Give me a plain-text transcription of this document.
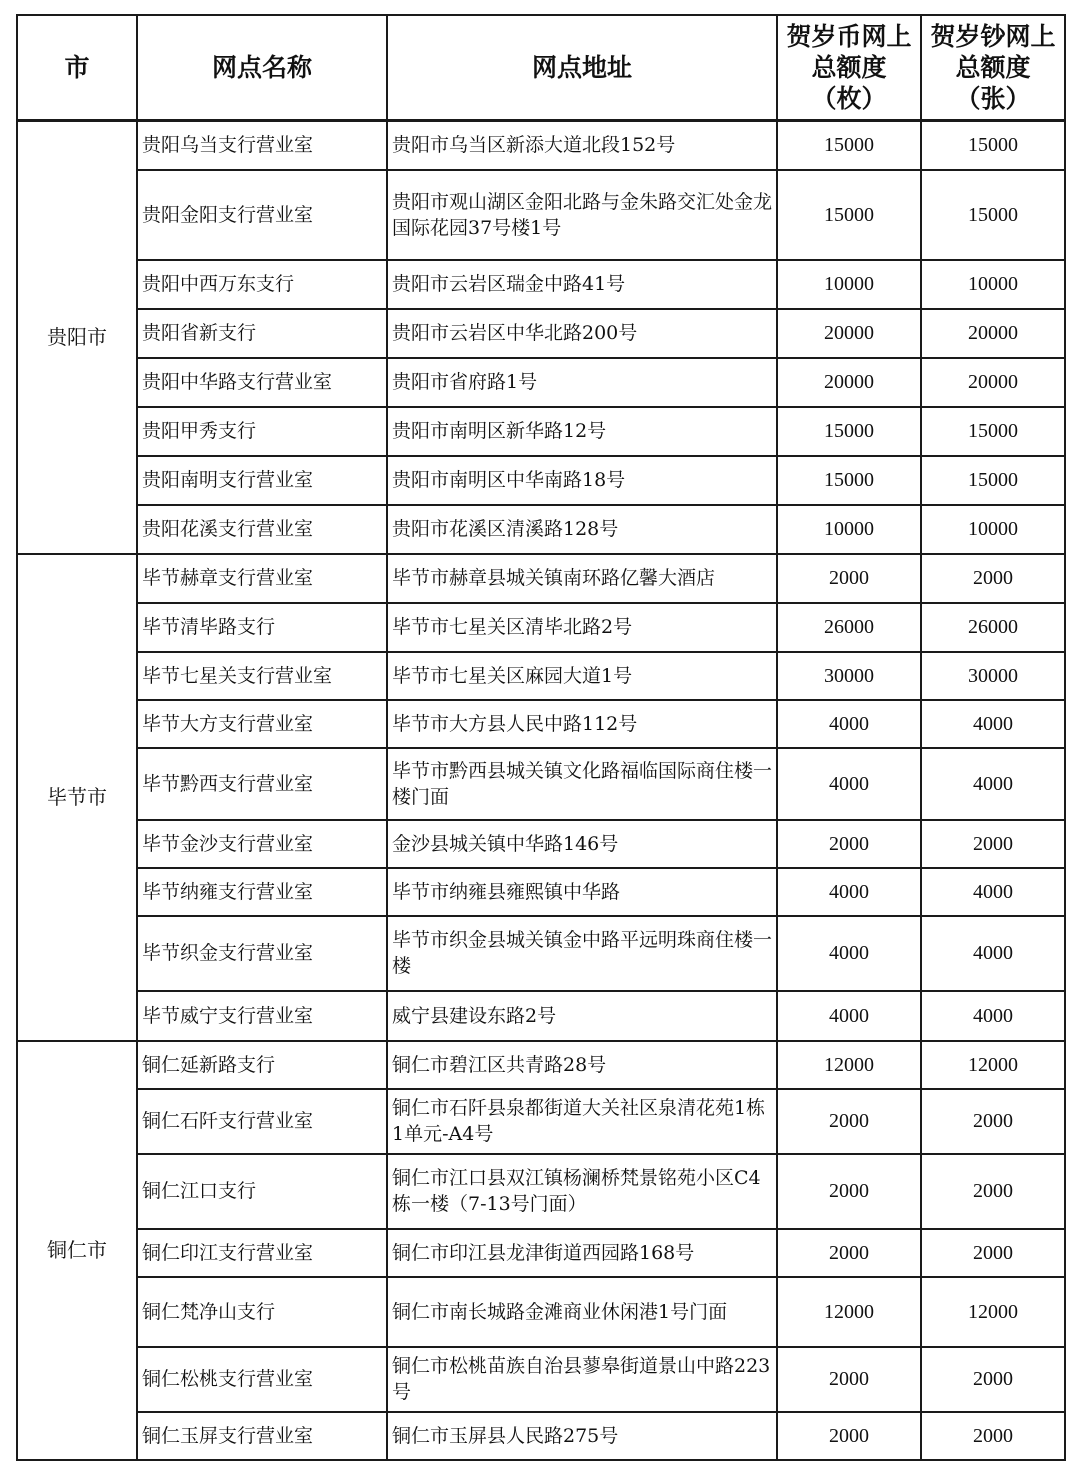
市	网点名称	网点地址	贺岁币网上总额度（枚）	贺岁钞网上总额度（张）
贵阳市	贵阳乌当支行营业室	贵阳市乌当区新添大道北段152号	15000	15000
	贵阳金阳支行营业室	贵阳市观山湖区金阳北路与金朱路交汇处金龙国际花园37号楼1号	15000	15000
	贵阳中西万东支行	贵阳市云岩区瑞金中路41号	10000	10000
	贵阳省新支行	贵阳市云岩区中华北路200号	20000	20000
	贵阳中华路支行营业室	贵阳市省府路1号	20000	20000
	贵阳甲秀支行	贵阳市南明区新华路12号	15000	15000
	贵阳南明支行营业室	贵阳市南明区中华南路18号	15000	15000
	贵阳花溪支行营业室	贵阳市花溪区清溪路128号	10000	10000
毕节市	毕节赫章支行营业室	毕节市赫章县城关镇南环路亿馨大酒店	2000	2000
	毕节清毕路支行	毕节市七星关区清毕北路2号	26000	26000
	毕节七星关支行营业室	毕节市七星关区麻园大道1号	30000	30000
	毕节大方支行营业室	毕节市大方县人民中路112号	4000	4000
	毕节黔西支行营业室	毕节市黔西县城关镇文化路福临国际商住楼一楼门面	4000	4000
	毕节金沙支行营业室	金沙县城关镇中华路146号	2000	2000
	毕节纳雍支行营业室	毕节市纳雍县雍熙镇中华路	4000	4000
	毕节织金支行营业室	毕节市织金县城关镇金中路平远明珠商住楼一楼	4000	4000
	毕节威宁支行营业室	威宁县建设东路2号	4000	4000
铜仁市	铜仁延新路支行	铜仁市碧江区共青路28号	12000	12000
	铜仁石阡支行营业室	铜仁市石阡县泉都街道大关社区泉清花苑1栋1单元-A4号	2000	2000
	铜仁江口支行	铜仁市江口县双江镇杨澜桥梵景铭苑小区C4栋一楼（7-13号门面）	2000	2000
	铜仁印江支行营业室	铜仁市印江县龙津街道西园路168号	2000	2000
	铜仁梵净山支行	铜仁市南长城路金滩商业休闲港1号门面	12000	12000
	铜仁松桃支行营业室	铜仁市松桃苗族自治县蓼皋街道景山中路223号	2000	2000
	铜仁玉屏支行营业室	铜仁市玉屏县人民路275号	2000	2000
